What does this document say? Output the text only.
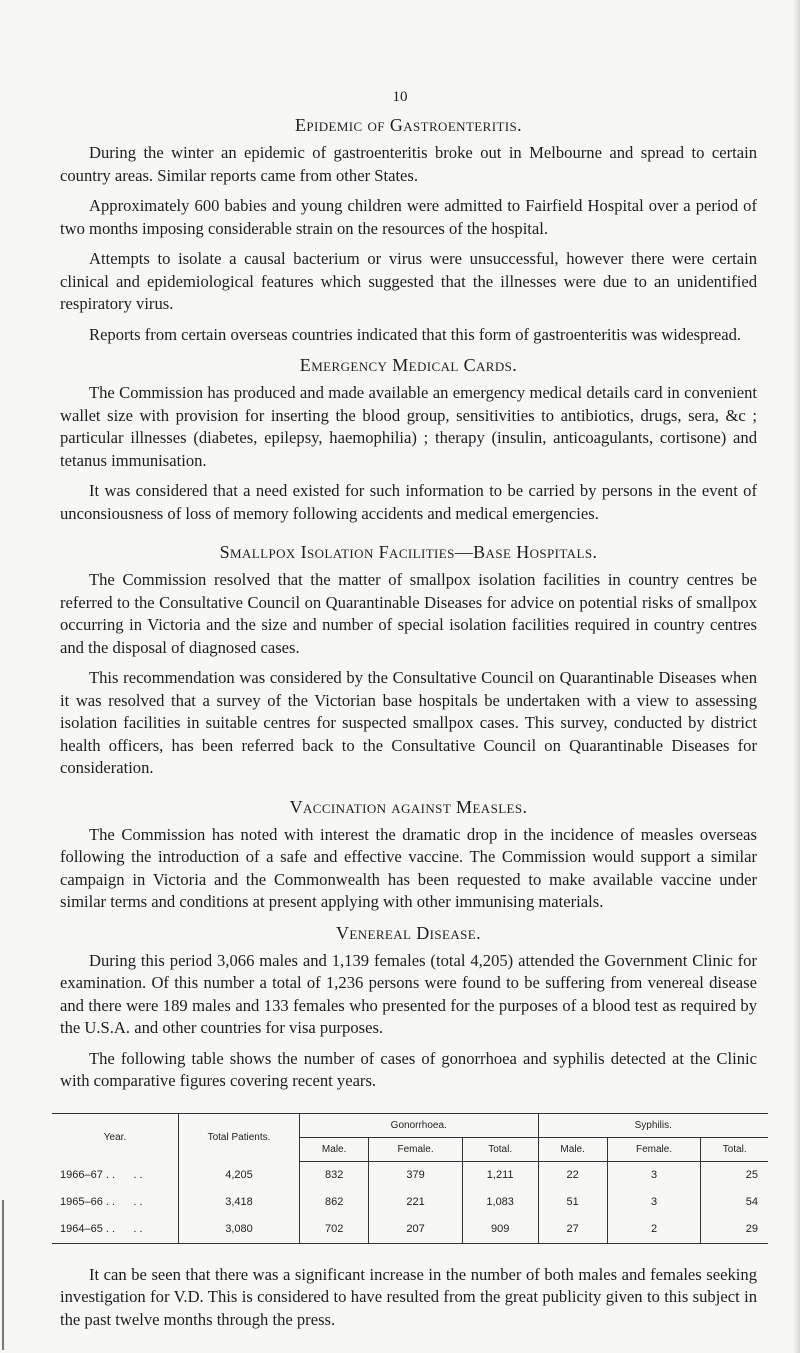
10
Epidemic of Gastroenteritis.

During the winter an epidemic of gastroenteritis broke out in Melbourne and spread to certain country areas. Similar reports came from other States.

Approximately 600 babies and young children were admitted to Fairfield Hospital over a period of two months imposing considerable strain on the resources of the hospital.

Attempts to isolate a causal bacterium or virus were unsuccessful, however there were certain clinical and epidemiological features which suggested that the illnesses were due to an unidentified respiratory virus.

Reports from certain overseas countries indicated that this form of gastroenteritis was widespread.

Emergency Medical Cards.

The Commission has produced and made available an emergency medical details card in convenient wallet size with provision for inserting the blood group, sensitivities to antibiotics, drugs, sera, &c ; particular illnesses (diabetes, epilepsy, haemophilia) ; therapy (insulin, anticoagulants, cortisone) and tetanus immunisation.

It was considered that a need existed for such information to be carried by persons in the event of unconsiousness of loss of memory following accidents and medical emergencies.

Smallpox Isolation Facilities—Base Hospitals.

The Commission resolved that the matter of smallpox isolation facilities in country centres be referred to the Consultative Council on Quarantinable Diseases for advice on potential risks of smallpox occurring in Victoria and the size and number of special isolation facilities required in country centres and the disposal of diagnosed cases.

This recommendation was considered by the Consultative Council on Quarantinable Diseases when it was resolved that a survey of the Victorian base hospitals be undertaken with a view to assessing isolation facilities in suitable centres for suspected smallpox cases. This survey, conducted by district health officers, has been referred back to the Consultative Council on Quarantinable Diseases for consideration.

Vaccination against Measles.

The Commission has noted with interest the dramatic drop in the incidence of measles overseas following the introduction of a safe and effective vaccine. The Commission would support a similar campaign in Victoria and the Commonwealth has been requested to make available vaccine under similar terms and conditions at present applying with other immunising materials.

Venereal Disease.

During this period 3,066 males and 1,139 females (total 4,205) attended the Government Clinic for examination. Of this number a total of 1,236 persons were found to be suffering from venereal disease and there were 189 males and 133 females who presented for the purposes of a blood test as required by the U.S.A. and other countries for visa purposes.

The following table shows the number of cases of gonorrhoea and syphilis detected at the Clinic with comparative figures covering recent years.

Year.	Total Patients.	Gonorrhoea.			Syphilis.		
		Male.	Female.	Total.	Male.	Female.	Total.
1966–67 . .      . .	4,205	832	379	1,211	22	3	25
1965–66 . .      . .	3,418	862	221	1,083	51	3	54
1964–65 . .      . .	3,080	702	207	909	27	2	29

It can be seen that there was a significant increase in the number of both males and females seeking investigation for V.D. This is considered to have resulted from the great publicity given to this subject in the past twelve months through the press.
